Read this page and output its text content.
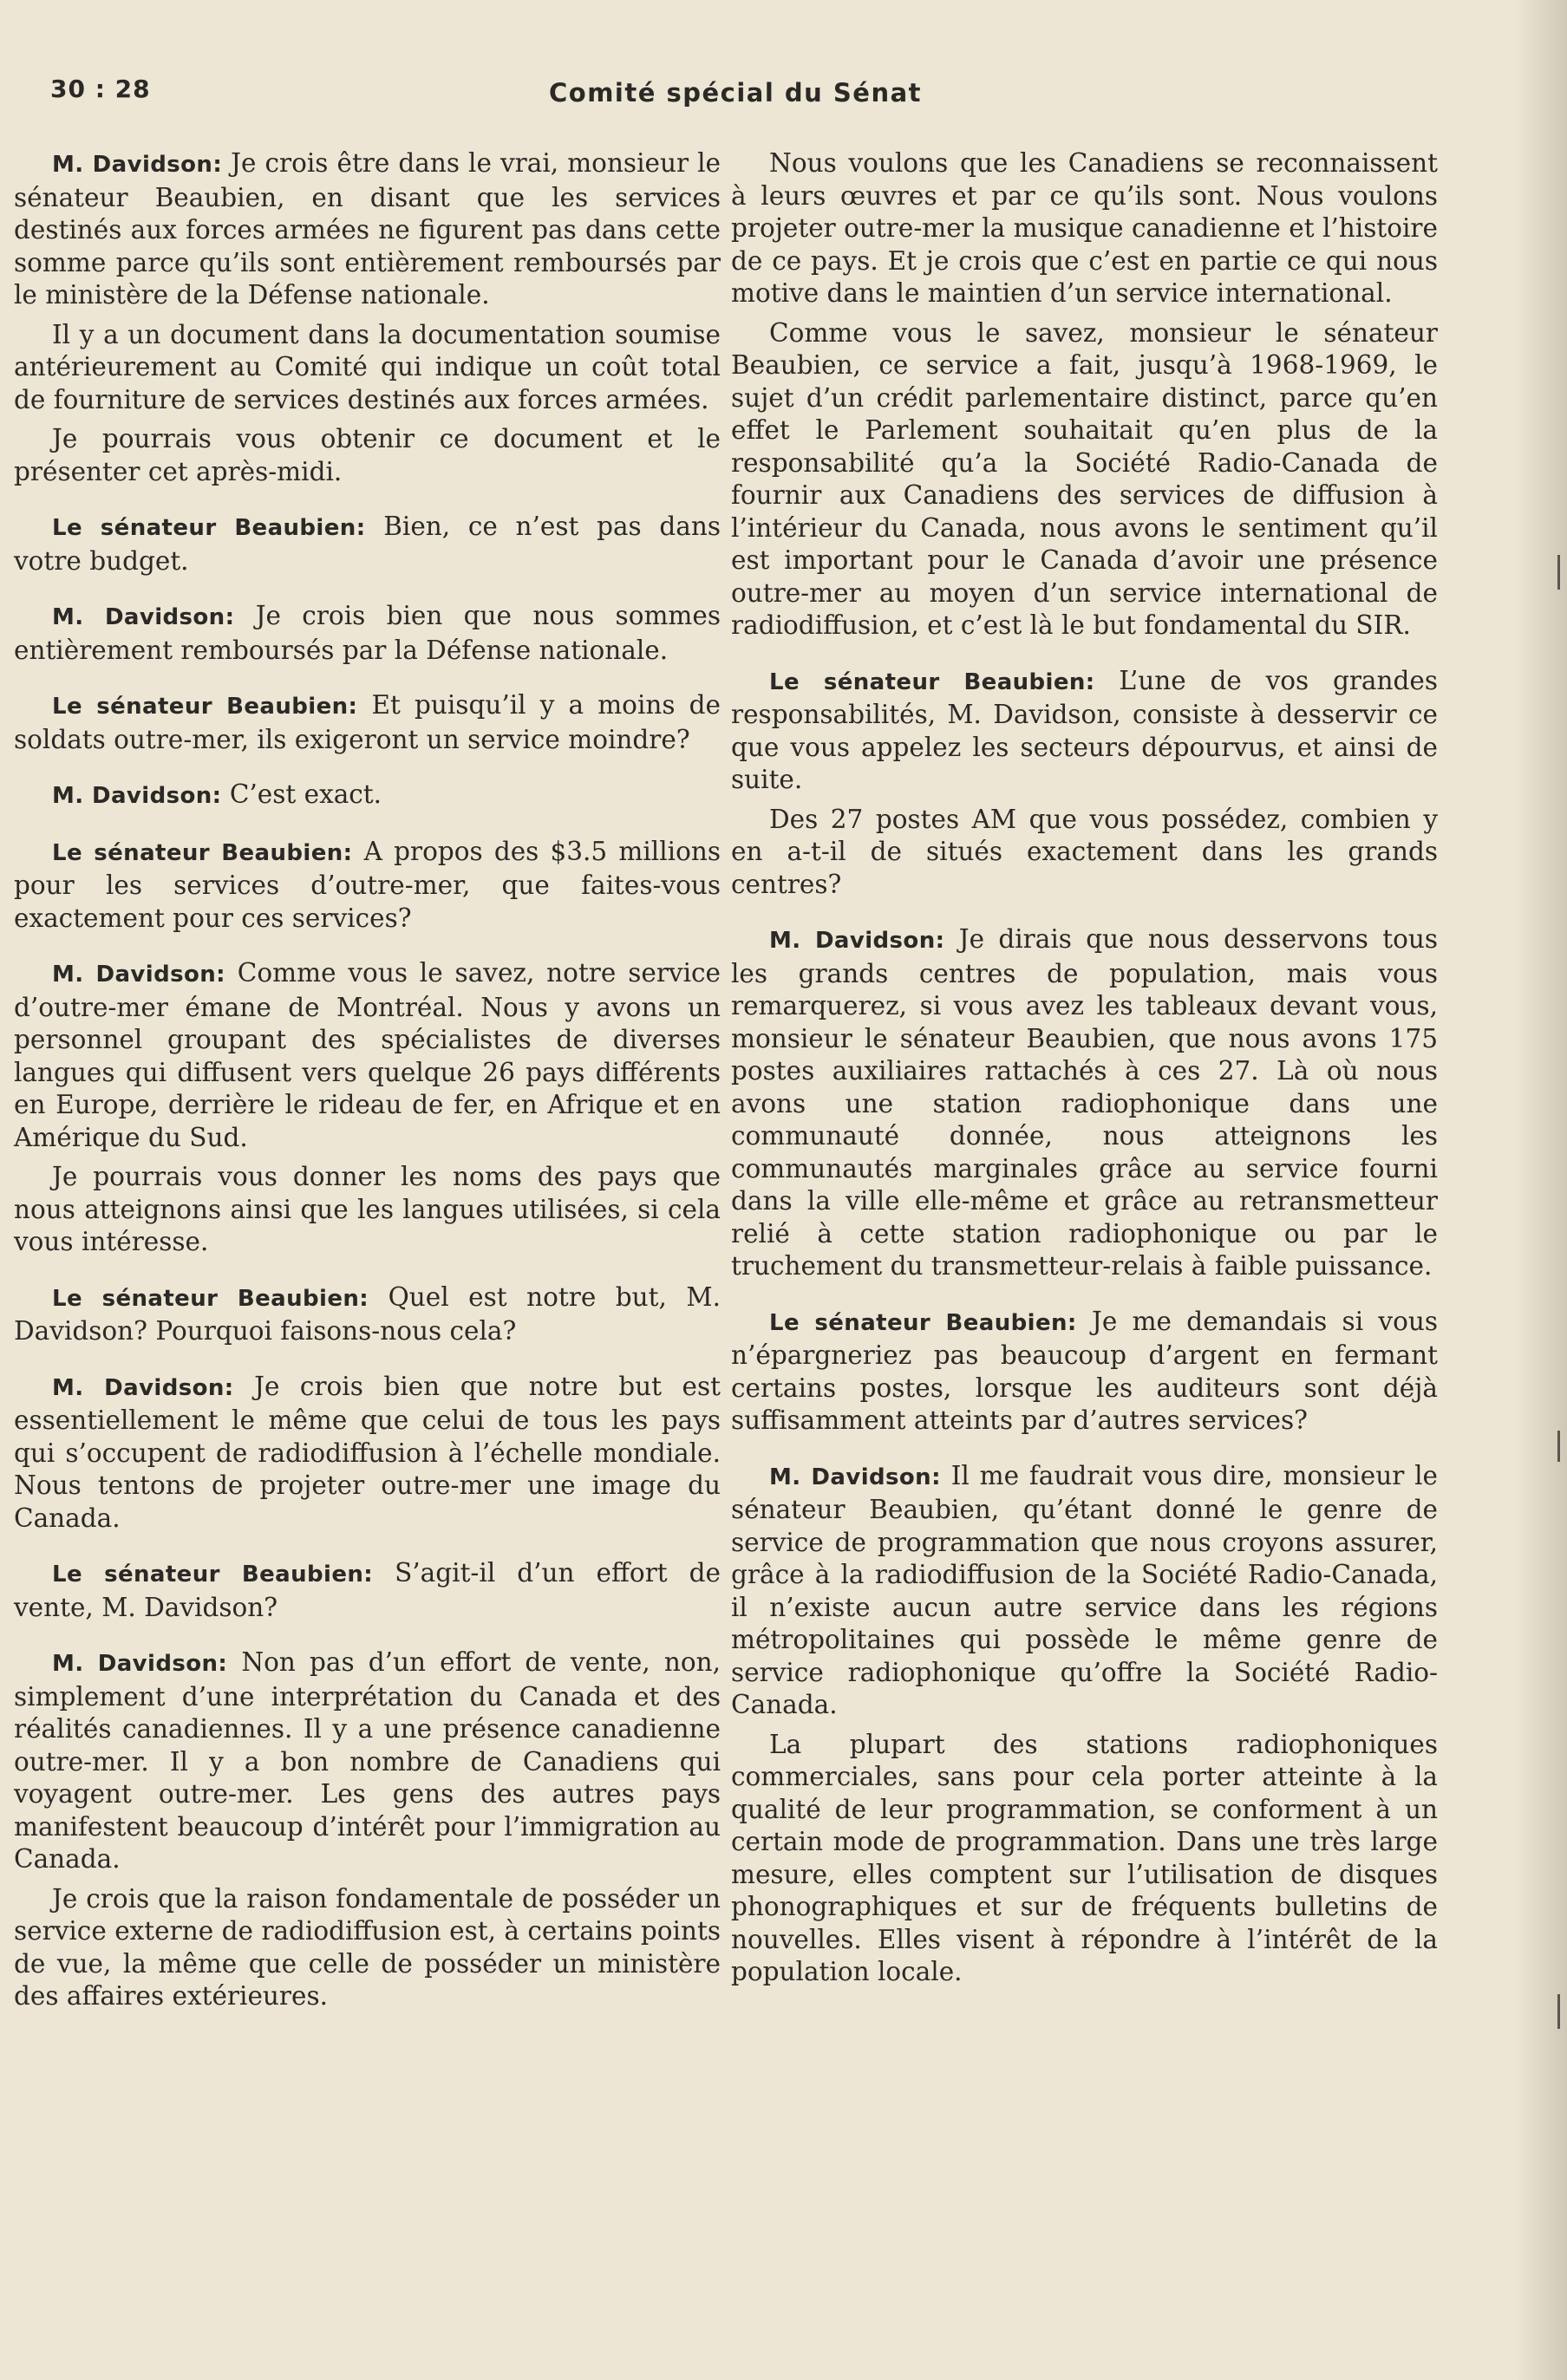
30 : 28	Comité spécial du Sénat

M. Davidson: Je crois être dans le vrai, monsieur le sénateur Beaubien, en disant que les services destinés aux forces armées ne figurent pas dans cette somme parce qu’ils sont entièrement remboursés par le ministère de la Défense nationale.

Il y a un document dans la documentation soumise antérieurement au Comité qui indique un coût total de fourniture de services destinés aux forces armées.

Je pourrais vous obtenir ce document et le présenter cet après-midi.

Le sénateur Beaubien: Bien, ce n’est pas dans votre budget.

M. Davidson: Je crois bien que nous sommes entièrement remboursés par la Défense nationale.

Le sénateur Beaubien: Et puisqu’il y a moins de soldats outre-mer, ils exigeront un service moindre?

M. Davidson: C’est exact.

Le sénateur Beaubien: A propos des $3.5 millions pour les services d’outre-mer, que faites-vous exactement pour ces services?

M. Davidson: Comme vous le savez, notre service d’outre-mer émane de Montréal. Nous y avons un personnel groupant des spécialistes de diverses langues qui diffusent vers quelque 26 pays différents en Europe, derrière le rideau de fer, en Afrique et en Amérique du Sud.

Je pourrais vous donner les noms des pays que nous atteignons ainsi que les langues utilisées, si cela vous intéresse.

Le sénateur Beaubien: Quel est notre but, M. Davidson? Pourquoi faisons-nous cela?

M. Davidson: Je crois bien que notre but est essentiellement le même que celui de tous les pays qui s’occupent de radiodiffusion à l’échelle mondiale. Nous tentons de projeter outre-mer une image du Canada.

Le sénateur Beaubien: S’agit-il d’un effort de vente, M. Davidson?

M. Davidson: Non pas d’un effort de vente, non, simplement d’une interprétation du Canada et des réalités canadiennes. Il y a une présence canadienne outre-mer. Il y a bon nombre de Canadiens qui voyagent outre-mer. Les gens des autres pays manifestent beaucoup d’intérêt pour l’immigration au Canada.

Je crois que la raison fondamentale de posséder un service externe de radiodiffusion est, à certains points de vue, la même que celle de posséder un ministère des affaires extérieures.

Nous voulons que les Canadiens se reconnaissent à leurs œuvres et par ce qu’ils sont. Nous voulons projeter outre-mer la musique canadienne et l’histoire de ce pays. Et je crois que c’est en partie ce qui nous motive dans le maintien d’un service international.

Comme vous le savez, monsieur le sénateur Beaubien, ce service a fait, jusqu’à 1968-1969, le sujet d’un crédit parlementaire distinct, parce qu’en effet le Parlement souhaitait qu’en plus de la responsabilité qu’a la Société Radio-Canada de fournir aux Canadiens des services de diffusion à l’intérieur du Canada, nous avons le sentiment qu’il est important pour le Canada d’avoir une présence outre-mer au moyen d’un service international de radiodiffusion, et c’est là le but fondamental du SIR.

Le sénateur Beaubien: L’une de vos grandes responsabilités, M. Davidson, consiste à desservir ce que vous appelez les secteurs dépourvus, et ainsi de suite.

Des 27 postes AM que vous possédez, combien y en a-t-il de situés exactement dans les grands centres?

M. Davidson: Je dirais que nous desservons tous les grands centres de population, mais vous remarquerez, si vous avez les tableaux devant vous, monsieur le sénateur Beaubien, que nous avons 175 postes auxiliaires rattachés à ces 27. Là où nous avons une station radiophonique dans une communauté donnée, nous atteignons les communautés marginales grâce au service fourni dans la ville elle-même et grâce au retransmetteur relié à cette station radiophonique ou par le truchement du transmetteur-relais à faible puissance.

Le sénateur Beaubien: Je me demandais si vous n’épargneriez pas beaucoup d’argent en fermant certains postes, lorsque les auditeurs sont déjà suffisamment atteints par d’autres services?

M. Davidson: Il me faudrait vous dire, monsieur le sénateur Beaubien, qu’étant donné le genre de service de programmation que nous croyons assurer, grâce à la radiodiffusion de la Société Radio-Canada, il n’existe aucun autre service dans les régions métropolitaines qui possède le même genre de service radiophonique qu’offre la Société Radio-Canada.

La plupart des stations radiophoniques commerciales, sans pour cela porter atteinte à la qualité de leur programmation, se conforment à un certain mode de programmation. Dans une très large mesure, elles comptent sur l’utilisation de disques phonographiques et sur de fréquents bulletins de nouvelles. Elles visent à répondre à l’intérêt de la population locale.
